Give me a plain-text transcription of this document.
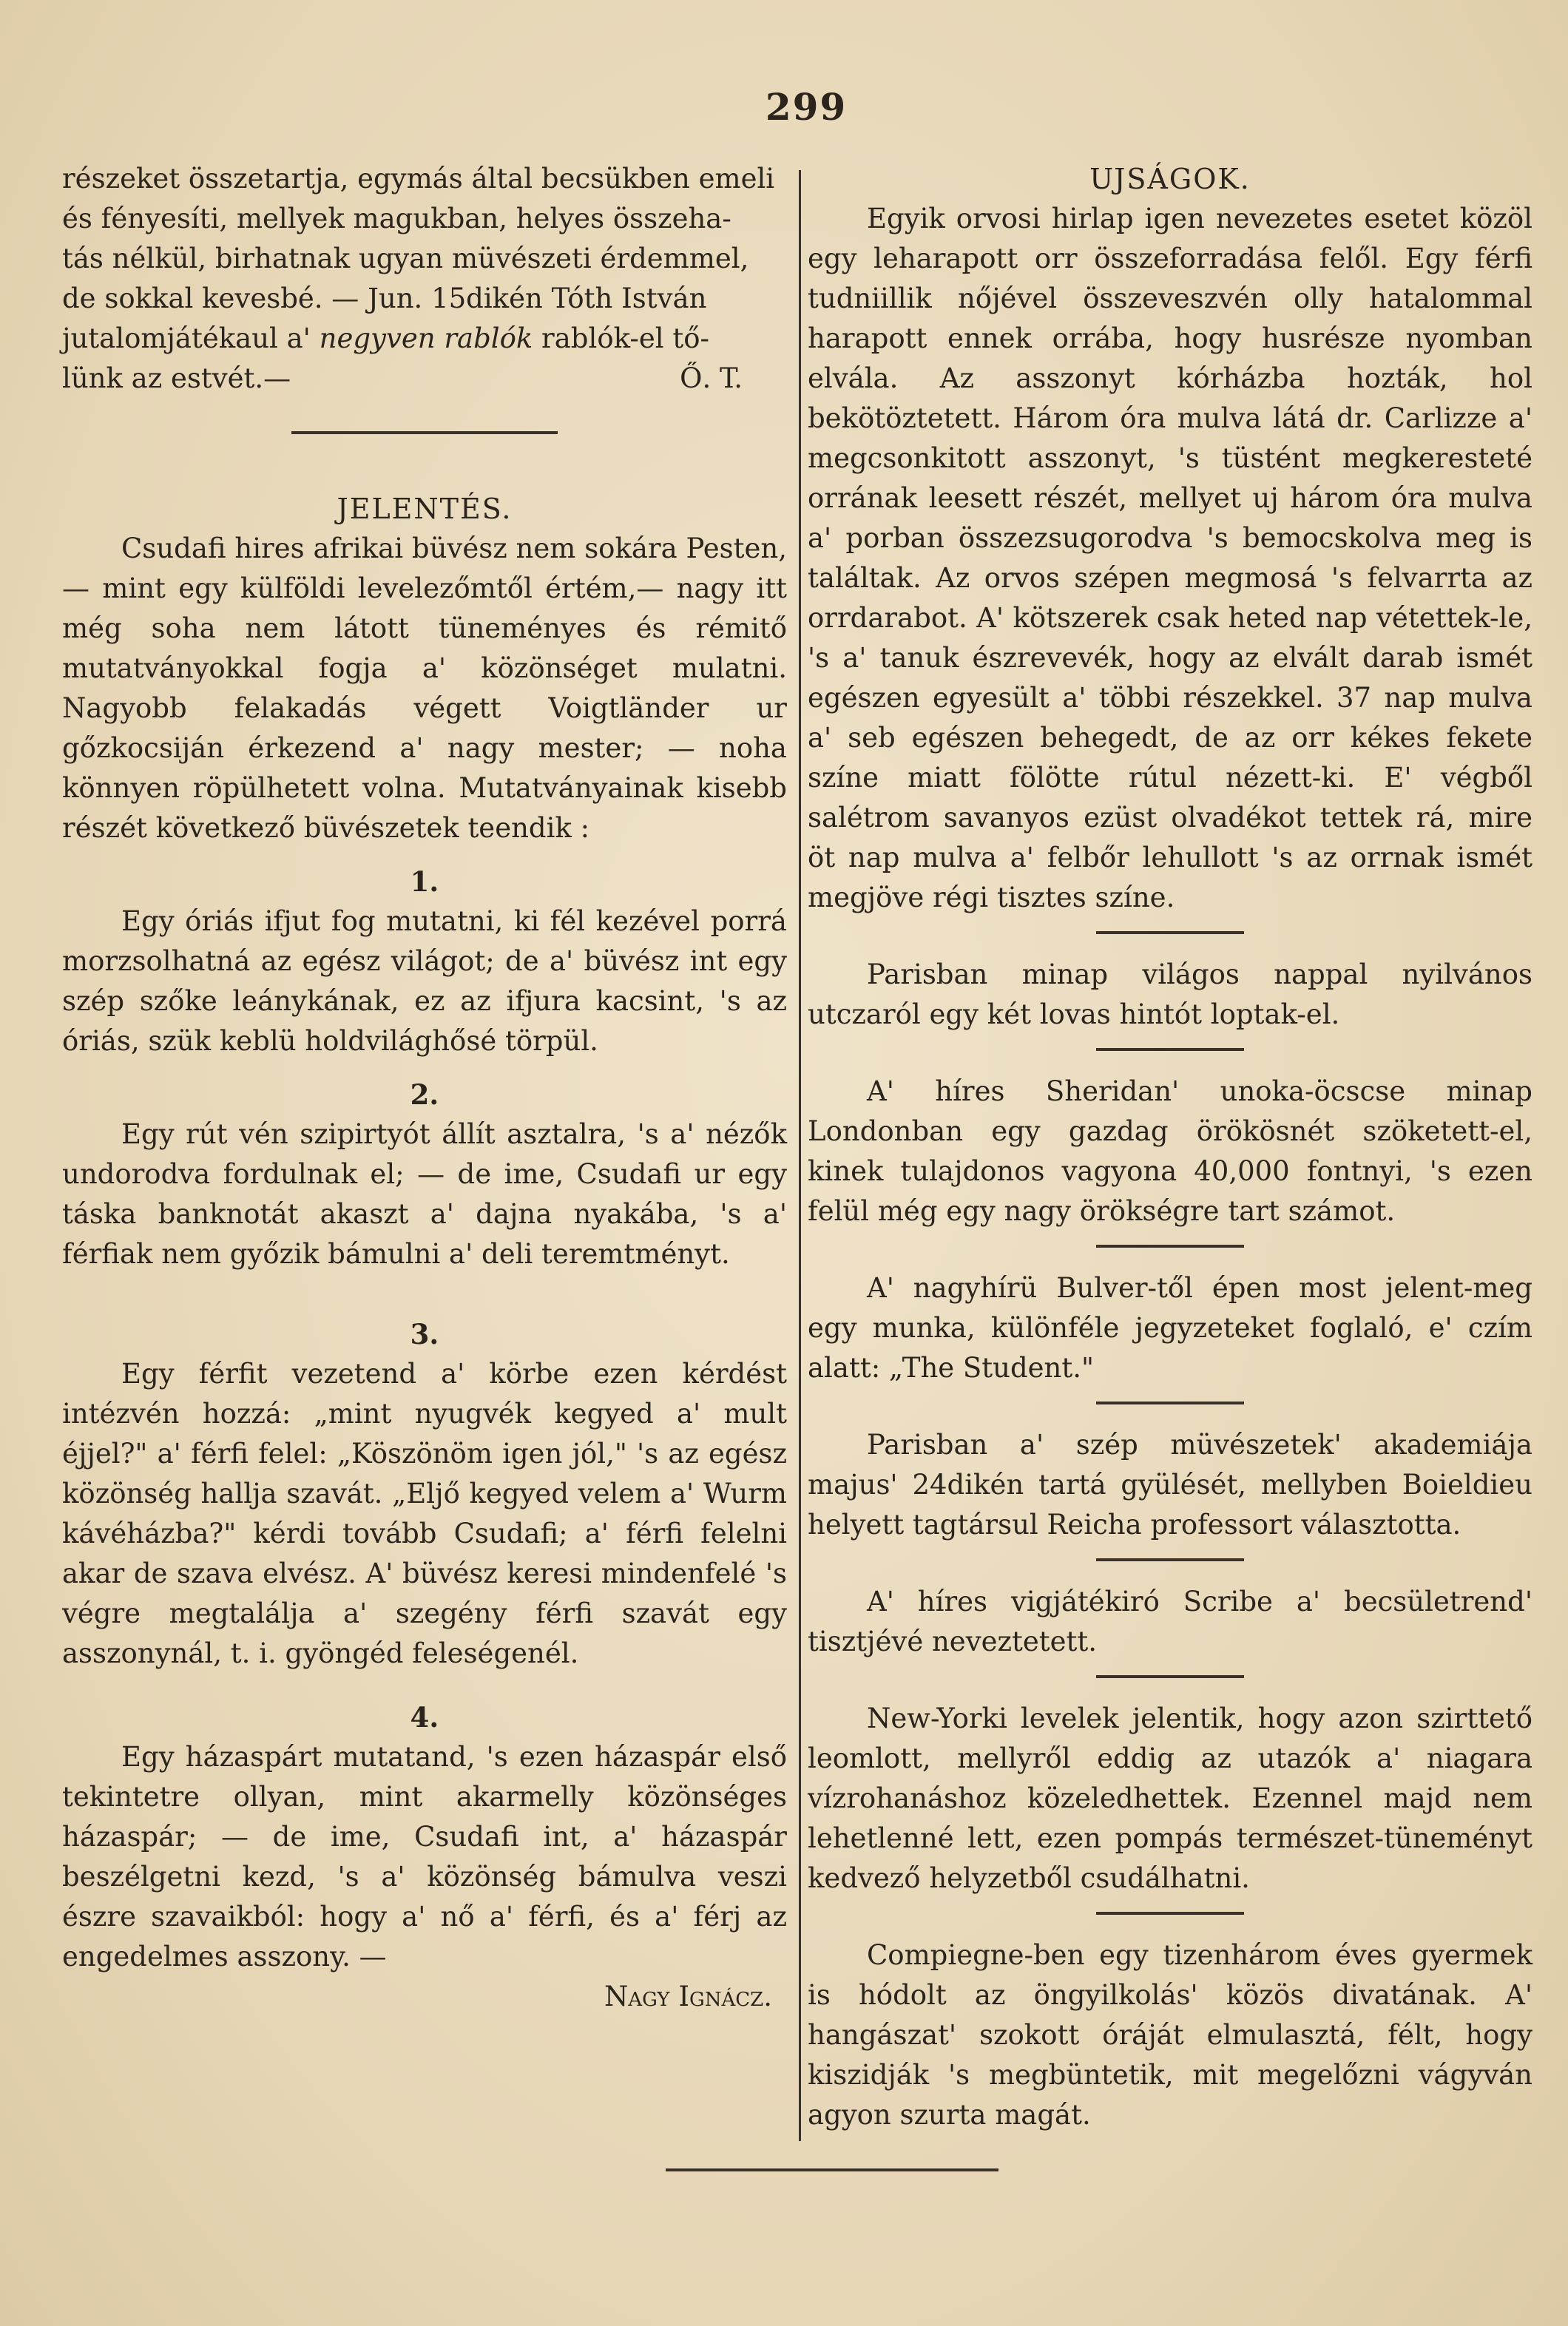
299

részeket összetartja, egymás által becsükben emeli

és fényesíti, mellyek magukban, helyes összeha-

tás nélkül, birhatnak ugyan müvészeti érdemmel,

de sokkal kevesbé. — Jun. 15dikén Tóth István

jutalomjátékaul a' negyven rablók rablók-el tő-

lünk az estvét.—	Ő. T.

JELENTÉS.

Csudafi hires afrikai büvész nem sokára Pesten, — mint egy külföldi levelezőmtől értém,— nagy itt még soha nem látott tüneményes és rémitő mutatványokkal fogja a' közönséget mulatni. Nagyobb felakadás végett Voigtländer ur gőzkocsiján érkezend a' nagy mester; — noha könnyen röpülhetett volna. Mutatványainak kisebb részét következő büvészetek teendik :

1.

Egy óriás ifjut fog mutatni, ki fél kezével porrá morzsolhatná az egész világot; de a' büvész int egy szép szőke leánykának, ez az ifjura kacsint, 's az óriás, szük keblü holdvilághősé törpül.

2.

Egy rút vén szipirtyót állít asztalra, 's a' nézők undorodva fordulnak el; — de ime, Csudafi ur egy táska banknotát akaszt a' dajna nyakába, 's a' férfiak nem győzik bámulni a' deli teremtményt.

3.

Egy férfit vezetend a' körbe ezen kérdést intézvén hozzá: „mint nyugvék kegyed a' mult éjjel?" a' férfi felel: „Köszönöm igen jól," 's az egész közönség hallja szavát. „Eljő kegyed velem a' Wurm kávéházba?" kérdi tovább Csudafi; a' férfi felelni akar de szava elvész. A' büvész keresi mindenfelé 's végre megtalálja a' szegény férfi szavát egy asszonynál, t. i. gyöngéd feleségenél.

4.

Egy házaspárt mutatand, 's ezen házaspár első tekintetre ollyan, mint akarmelly közönséges házaspár; — de ime, Csudafi int, a' házaspár beszélgetni kezd, 's a' közönség bámulva veszi észre szavaikból: hogy a' nő a' férfi, és a' férj az engedelmes asszony. —

Nagy Ignácz.

UJSÁGOK.

Egyik orvosi hirlap igen nevezetes esetet közöl egy leharapott orr összeforradása felől. Egy férfi tudniillik nőjével összeveszvén olly hatalommal harapott ennek orrába, hogy husrésze nyomban elvála. Az asszonyt kórházba hozták, hol bekötöztetett. Három óra mulva látá dr. Carlizze a' megcsonkitott asszonyt, 's tüstént megkeresteté orrának leesett részét, mellyet uj három óra mulva a' porban összezsugorodva 's bemocskolva meg is találtak. Az orvos szépen megmosá 's felvarrta az orrdarabot. A' kötszerek csak heted nap vétettek-le, 's a' tanuk észrevevék, hogy az elvált darab ismét egészen egyesült a' többi részekkel. 37 nap mulva a' seb egészen behegedt, de az orr kékes fekete színe miatt fölötte rútul nézett-ki. E' végből salétrom savanyos ezüst olvadékot tettek rá, mire öt nap mulva a' felbőr lehullott 's az orrnak ismét megjöve régi tisztes színe.

Parisban minap világos nappal nyilvános utczaról egy két lovas hintót loptak-el.

A' híres Sheridan' unoka-öcscse minap Londonban egy gazdag örökösnét szöketett-el, kinek tulajdonos vagyona 40,000 fontnyi, 's ezen felül még egy nagy örökségre tart számot.

A' nagyhírü Bulver-től épen most jelent-meg egy munka, különféle jegyzeteket foglaló, e' czím alatt: „The Student."

Parisban a' szép müvészetek' akademiája majus' 24dikén tartá gyülését, mellyben Boieldieu helyett tagtársul Reicha professort választotta.

A' híres vigjátékiró Scribe a' becsületrend' tisztjévé neveztetett.

New-Yorki levelek jelentik, hogy azon szirttető leomlott, mellyről eddig az utazók a' niagara vízrohanáshoz közeledhettek. Ezennel majd nem lehetlenné lett, ezen pompás természet-tüneményt kedvező helyzetből csudálhatni.

Compiegne-ben egy tizenhárom éves gyermek is hódolt az öngyilkolás' közös divatának. A' hangászat' szokott óráját elmulasztá, félt, hogy kiszidják 's megbüntetik, mit megelőzni vágyván agyon szurta magát.
